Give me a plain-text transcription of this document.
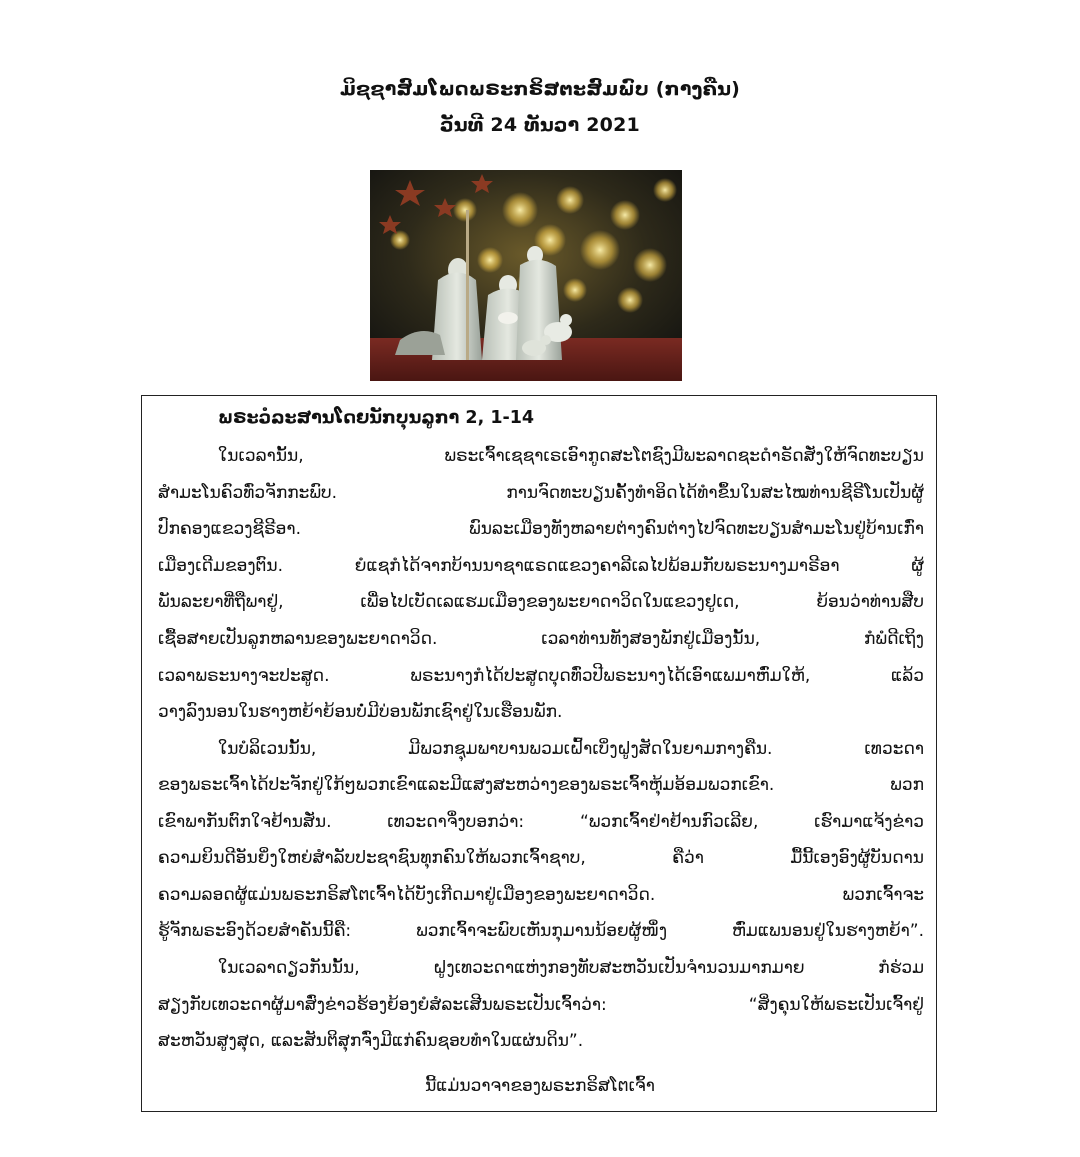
ມິຊຊາສົມໂພດພຣະກຣິສຕະສົມພົບ (ກາງຄືນ)
ວັນທີ 24 ທັນວາ 2021
ພຣະວໍລະສານໂດຍນັກບຸນລູກາ 2, 1-14
ໃນເວລານັ້ນ, ພຣະເຈົ້າເຊຊາເຣເອົາກູດສະໂຕຊົງມີພະລາດຊະດຳຣັດສັ່ງໃຫ້ຈົດທະບຽນ
ສຳມະໂນຄົວທົ່ວຈັກກະພົບ. ການຈົດທະບຽນຄັ້ງທຳອິດໄດ້ທຳຂຶ້ນໃນສະໄໝທ່ານຊີຣີໂນເປັນຜູ້
ປົກຄອງແຂວງຊີຣີອາ. ພົນລະເມືອງທັງຫລາຍຕ່າງຄົນຕ່າງໄປຈົດທະບຽນສຳມະໂນຢູ່ບ້ານເກົ່າ
ເມືອງເດີມຂອງຕົນ. ຍໍແຊກໍໄດ້ຈາກບ້ານນາຊາແຣດແຂວງຄາລີເລໄປພ້ອມກັບພຣະນາງມາຣີອາ ຜູ້
ພັນລະຍາທີ່ຖືພາຢູ່, ເພື່ອໄປເບັດເລແຮມເມືອງຂອງພະຍາດາວິດໃນແຂວງຢູເດ, ຍ້ອນວ່າທ່ານສືບ
ເຊື້ອສາຍເປັນລູກຫລານຂອງພະຍາດາວິດ. ເວລາທ່ານທັງສອງພັກຢູ່ເມືອງນັ້ນ, ກໍພໍດີເຖິງ
ເວລາພຣະນາງຈະປະສູດ. ພຣະນາງກໍໄດ້ປະສູດບຸດທົ່ວປີພຣະນາງໄດ້ເອົາແພມາຫົ່ມໃຫ້, ແລ້ວ
ວາງລົງນອນໃນຮາງຫຍ້າຍ້ອນບໍ່ມີບ່ອນພັກເຊົາຢູ່ໃນເຮືອນພັກ.
ໃນບໍລິເວນນັ້ນ, ມີພວກຊຸມພາບານພວມເຝົ້າເບິ່ງຝູງສັດໃນຍາມກາງຄືນ. ເທວະດາ
ຂອງພຣະເຈົ້າໄດ້ປະຈັກຢູ່ໃກ້ໆພວກເຂົາແລະມີແສງສະຫວ່າງຂອງພຣະເຈົ້າຫຸ້ມອ້ອມພວກເຂົາ. ພວກ
ເຂົາພາກັນຕົກໃຈຢ້ານສັ່ນ. ເທວະດາຈຶ່ງບອກວ່າ: “ພວກເຈົ້າຢ່າຢ້ານກົວເລີຍ, ເຮົາມາແຈ້ງຂ່າວ
ຄວາມຍິນດີອັນຍິ່ງໃຫຍ່ສຳລັບປະຊາຊົນທຸກຄົນໃຫ້ພວກເຈົ້າຊາບ, ຄືວ່າ ມື້ນີ້ເອງອົງຜູ້ບັນດານ
ຄວາມລອດຜູ້ແມ່ນພຣະກຣິສໂຕເຈົ້າໄດ້ບັງເກີດມາຢູ່ເມືອງຂອງພະຍາດາວິດ. ພວກເຈົ້າຈະ
ຮູ້ຈັກພຣະອົງດ້ວຍສຳຄັນນີ້ຄື: ພວກເຈົ້າຈະພົບເຫັນກຸມານນ້ອຍຜູ້ໜຶ່ງ ຫົ່ມແພນອນຢູ່ໃນຮາງຫຍ້າ”.
ໃນເວລາດຽວກັນນັ້ນ, ຝູງເທວະດາແຫ່ງກອງທັບສະຫວັນເປັນຈຳນວນມາກມາຍ ກໍຮ່ວມ
ສຽງກັບເທວະດາຜູ້ມາສົ່ງຂ່າວຮ້ອງຍ້ອງຍໍສໍລະເສີນພຣະເປັນເຈົ້າວ່າ: “ສິ່ງຄຸນໃຫ້ພຣະເປັນເຈົ້າຢູ່
ສະຫວັນສູງສຸດ, ແລະສັນຕິສຸກຈົ່ງມີແກ່ຄົນຊອບທຳໃນແຜ່ນດິນ”.
ນີ້ແມ່ນວາຈາຂອງພຣະກຣິສໂຕເຈົ້າ
